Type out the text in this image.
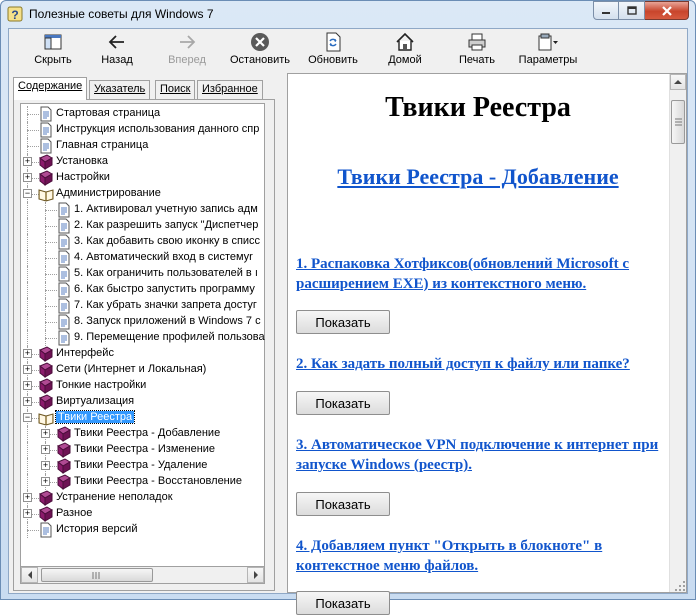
? Полезные советы для Windows 7
Скрыть	Назад	Вперед Остановить Обновить	Домой	Печать Параметры
Содержание	Указатель	Поиск	Избранное
Стартовая страница
Инструкция использования данного спр
Главная страница
+ Установка
+ Настройки
− Администрирование
1. Активировал учетную запись адм
2. Как разрешить запуск "Диспетчер
3. Как добавить свою иконку в списс
4. Автоматический вход в системуr
5. Как ограничить пользователей в ı
6. Как быстро запустить программу
7. Как убрать значки запрета достуг
8. Запуск приложений в Windows 7 с
9. Перемещение профилей пользова
+ Интерфейс
+ Сети (Интернет и Локальная)
+ Тонкие настройки
+ Виртуализация
−	Твики Реестра
+ Твики Реестра - Добавление
+ Твики Реестра - Изменение
+ Твики Реестра - Удаление
+ Твики Реестра - Восстановление
+ Устранение неполадок
+ Разное
История версий
Твики Реестра
Твики Реестра - Добавление
1. Распаковка Хотфиксов(обновлений Microsoft с расширением EXE) из контекстного меню.
Показать
2. Как задать полный доступ к файлу или папке?
Показать
3. Автоматическое VPN подключение к интернет при запуске Windows (реестр).
Показать
4. Добавляем пункт "Открыть в блокноте" в контекстное меню файлов.
Показать
